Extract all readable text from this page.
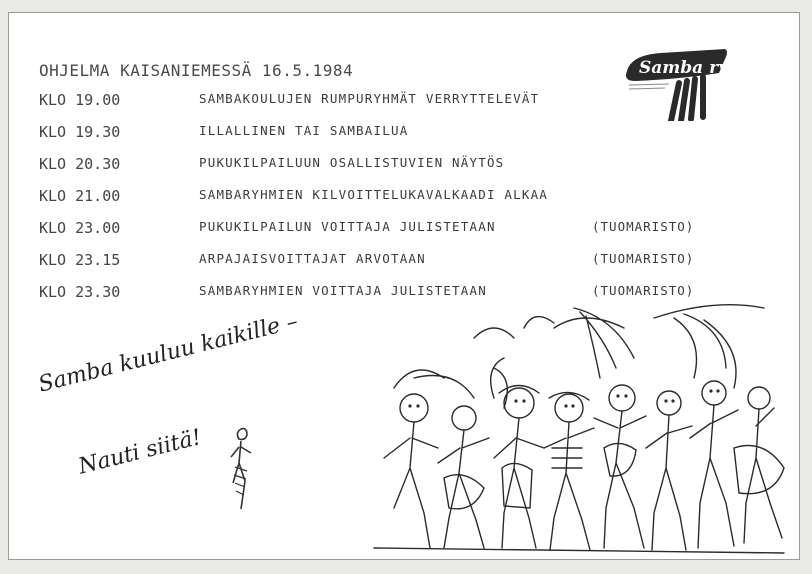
OHJELMA KAISANIEMESSÄ 16.5.1984	Samba ry
KLO 19.00	SAMBAKOULUJEN RUMPURYHMÄT VERRYTTELEVÄT
KLO 19.30	ILLALLINEN TAI SAMBAILUA
KLO 20.30	PUKUKILPAILUUN OSALLISTUVIEN NÄYTÖS
KLO 21.00	SAMBARYHMIEN KILVOITTELUKAVALKAADI ALKAA
KLO 23.00	PUKUKILPAILUN VOITTAJA JULISTETAAN	(TUOMARISTO)
KLO 23.15	ARPAJAISVOITTAJAT ARVOTAAN	(TUOMARISTO)
KLO 23.30	SAMBARYHMIEN VOITTAJA JULISTETAAN	(TUOMARISTO)
Samba kuuluu kaikille –
Nauti siitä!
